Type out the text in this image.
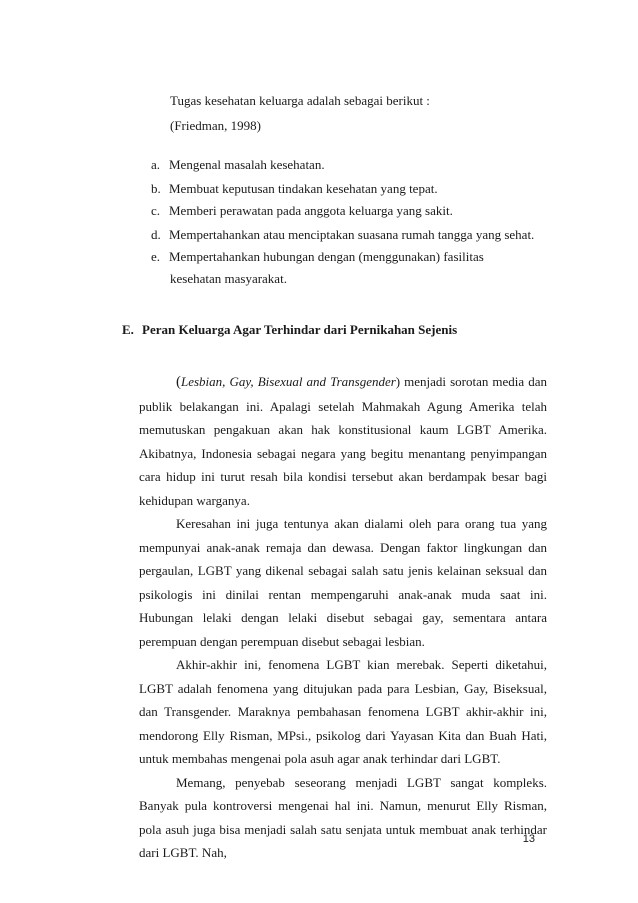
Tugas kesehatan keluarga adalah sebagai berikut :
(Friedman, 1998)
a. Mengenal masalah kesehatan.
b. Membuat keputusan tindakan kesehatan yang tepat.
c. Memberi perawatan pada anggota keluarga yang sakit.
d. Mempertahankan atau menciptakan suasana rumah tangga yang sehat.
e. Mempertahankan hubungan dengan (menggunakan) fasilitas
kesehatan masyarakat.
E. Peran Keluarga Agar Terhindar dari Pernikahan Sejenis

(Lesbian, Gay, Bisexual and Transgender) menjadi sorotan media dan publik belakangan ini. Apalagi setelah Mahmakah Agung Amerika telah memutuskan pengakuan akan hak konstitusional kaum LGBT Amerika. Akibatnya, Indonesia sebagai negara yang begitu menantang penyimpangan cara hidup ini turut resah bila kondisi tersebut akan berdampak besar bagi kehidupan warganya.

Keresahan ini juga tentunya akan dialami oleh para orang tua yang mempunyai anak-anak remaja dan dewasa. Dengan faktor lingkungan dan pergaulan, LGBT yang dikenal sebagai salah satu jenis kelainan seksual dan psikologis ini dinilai rentan mempengaruhi anak-anak muda saat ini. Hubungan lelaki dengan lelaki disebut sebagai gay, sementara antara perempuan dengan perempuan disebut sebagai lesbian.

Akhir-akhir ini, fenomena LGBT kian merebak. Seperti diketahui, LGBT adalah fenomena yang ditujukan pada para Lesbian, Gay, Biseksual, dan Transgender. Maraknya pembahasan fenomena LGBT akhir-akhir ini, mendorong Elly Risman, MPsi., psikolog dari Yayasan Kita dan Buah Hati, untuk membahas mengenai pola asuh agar anak terhindar dari LGBT.

Memang, penyebab seseorang menjadi LGBT sangat kompleks. Banyak pula kontroversi mengenai hal ini. Namun, menurut Elly Risman, pola asuh juga bisa menjadi salah satu senjata untuk membuat anak terhindar dari LGBT. Nah,

13
